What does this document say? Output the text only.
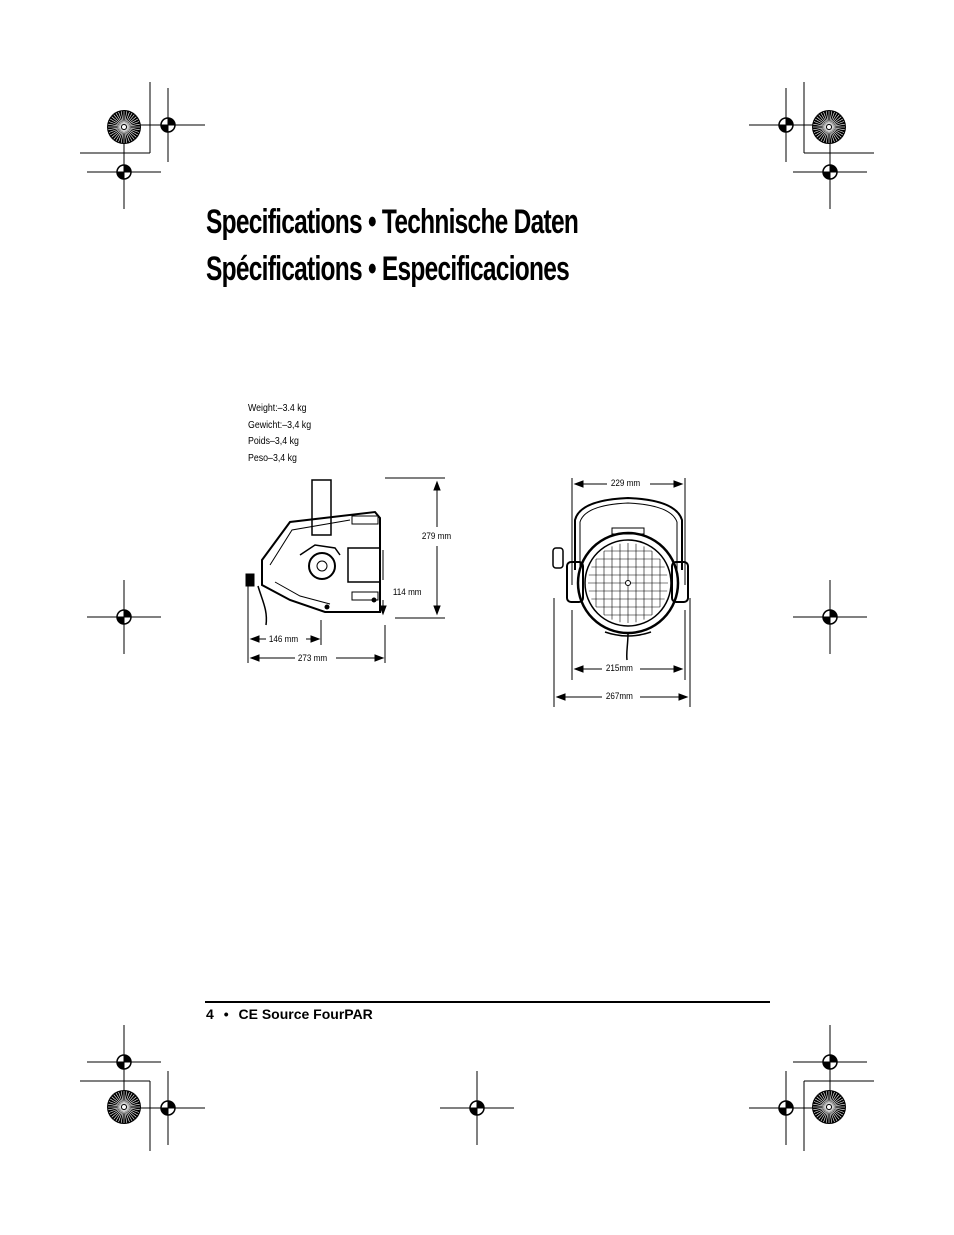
Specifications • Technische Daten
Spécifications • Especificaciones
Weight:–3.4 kg
Gewicht:–3,4 kg
Poids–3,4 kg
Peso–3,4 kg
279 mm
114 mm
146 mm
273 mm
229 mm
215mm
267mm
4 • CE Source FourPAR
